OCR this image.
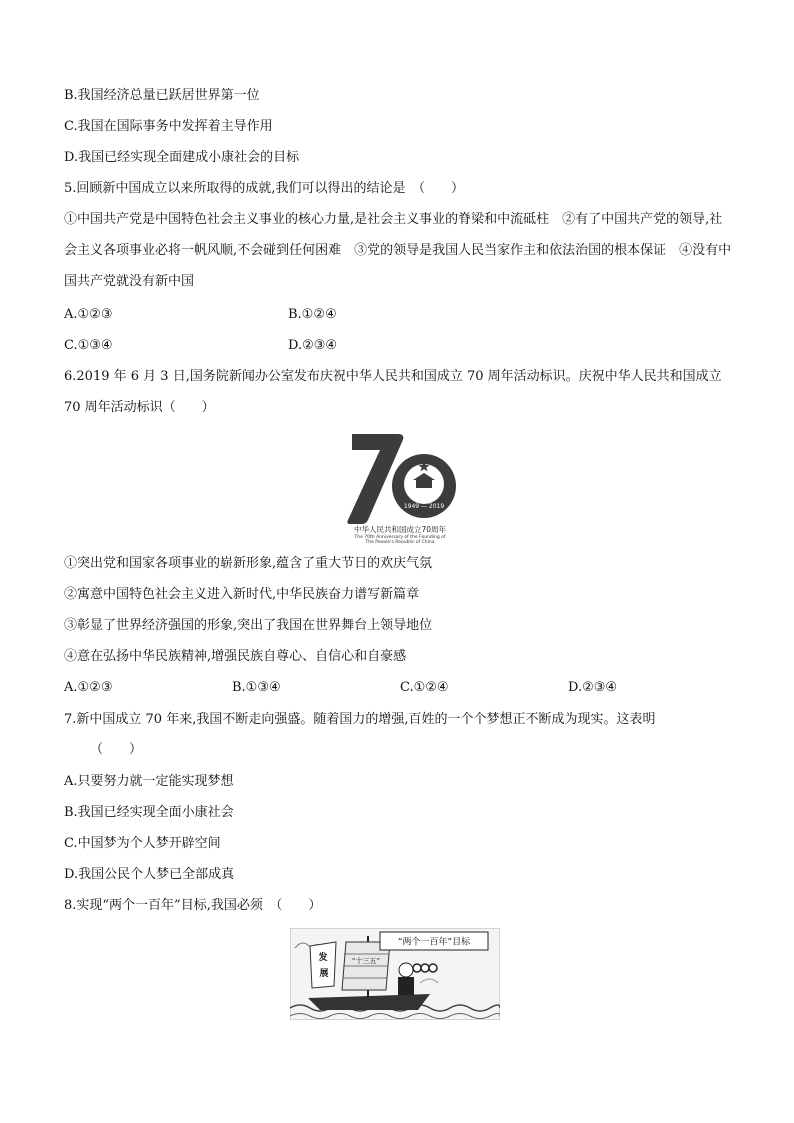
B.我国经济总量已跃居世界第一位
C.我国在国际事务中发挥着主导作用
D.我国已经实现全面建成小康社会的目标
5.回顾新中国成立以来所取得的成就,我们可以得出的结论是　（　　）
①中国共产党是中国特色社会主义事业的核心力量,是社会主义事业的脊梁和中流砥柱　②有了中国共产党的领导,社会主义各项事业必将一帆风顺,不会碰到任何困难　③党的领导是我国人民当家作主和依法治国的根本保证　④没有中国共产党就没有新中国
A.①②③	B.①②④
C.①③④	D.②③④
6.2019 年 6 月 3 日,国务院新闻办公室发布庆祝中华人民共和国成立 70 周年活动标识。庆祝中华人民共和国成立 70 周年活动标识（　　）
1949 — 2019
中华人民共和国成立70周年
The 70th Anniversary of the Founding of
The People's Republic of China
①突出党和国家各项事业的崭新形象,蕴含了重大节日的欢庆气氛
②寓意中国特色社会主义进入新时代,中华民族奋力谱写新篇章
③彰显了世界经济强国的形象,突出了我国在世界舞台上领导地位
④意在弘扬中华民族精神,增强民族自尊心、自信心和自豪感
A.①②③	B.①③④	C.①②④	D.②③④
7.新中国成立 70 年来,我国不断走向强盛。随着国力的增强,百姓的一个个梦想正不断成为现实。这表明
（　　）
A.只要努力就一定能实现梦想
B.我国已经实现全面小康社会
C.中国梦为个人梦开辟空间
D.我国公民个人梦已全部成真
8.实现“两个一百年”目标,我国必须　（　　）
“十三五”
发
展
“两个一百年”目标
